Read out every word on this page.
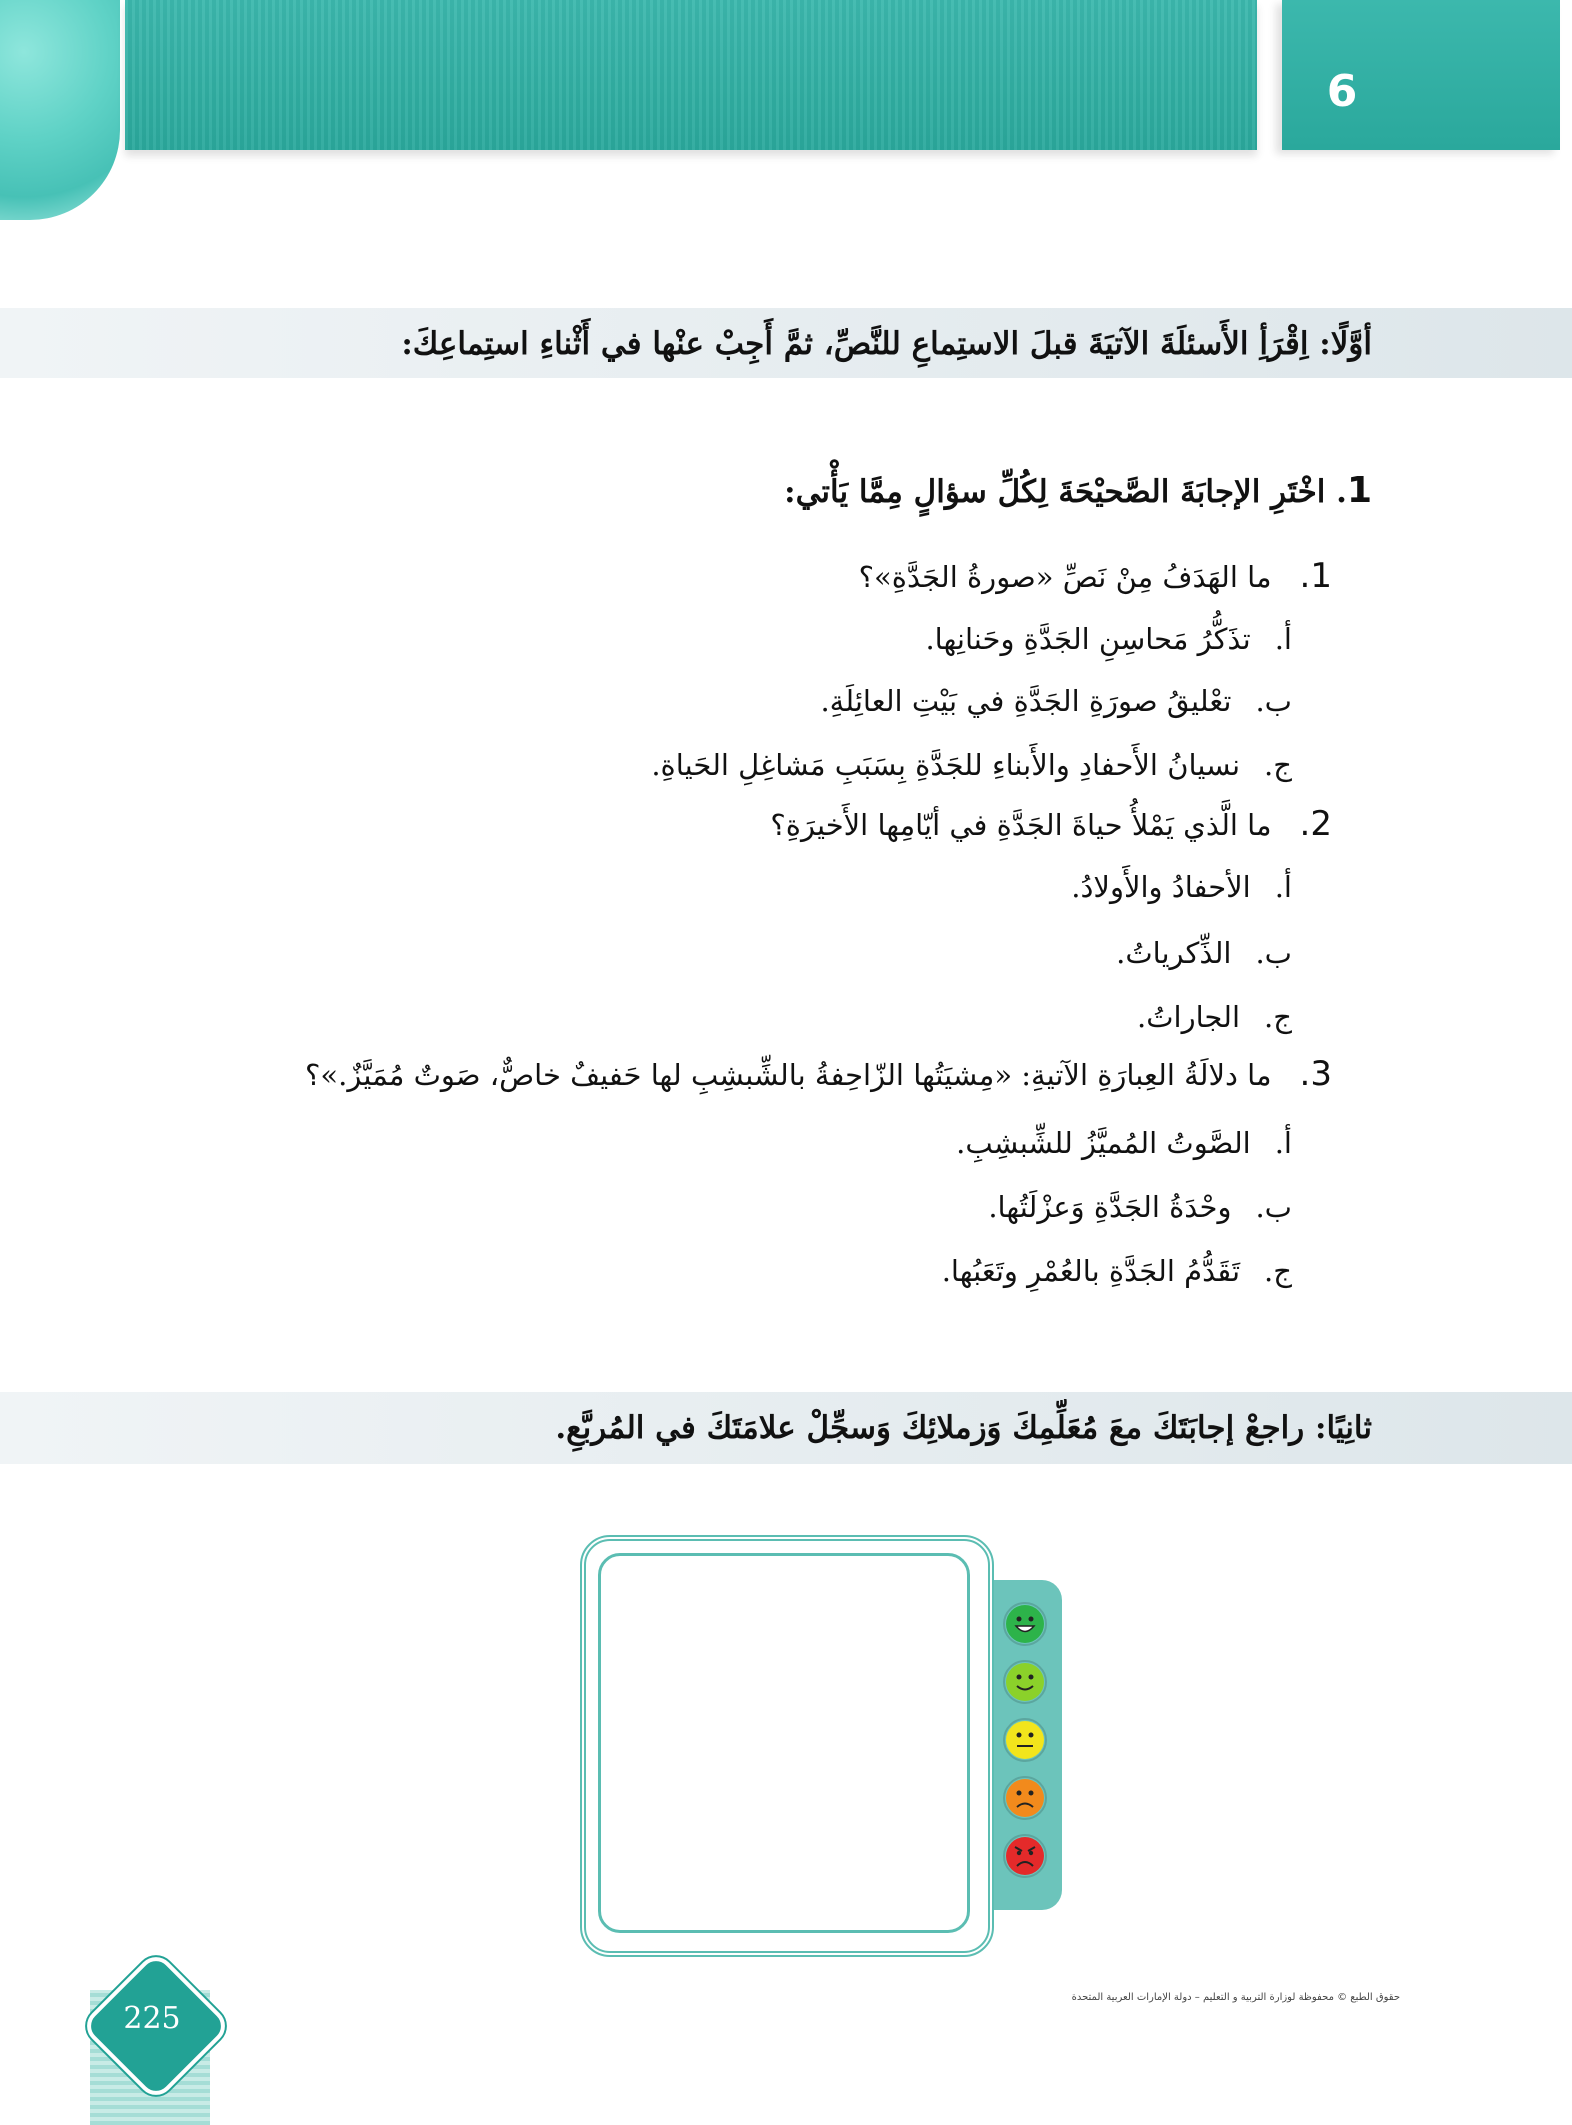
6
أوَّلًا: اِقْرَأِ الأَسئلَةَ الآتيَةَ قبلَ الاستِماعِ للنَّصِّ، ثمَّ أَجِبْ عنْها في أَثْناءِ استِماعِكَ:
1. اخْتَرِ الإجابَةَ الصَّحيْحَةَ لِكُلِّ سؤالٍ مِمَّا يَأْتي:
1.ما الهَدَفُ مِنْ نَصِّ «صورةُ الجَدَّةِ»؟
أ.تذَكُّرُ مَحاسِنِ الجَدَّةِ وحَنانِها.
ب.تعْليقُ صورَةِ الجَدَّةِ في بَيْتِ العائِلَةِ.
ج.نسيانُ الأَحفادِ والأَبناءِ للجَدَّةِ بِسَبَبِ مَشاغِلِ الحَياةِ.
2.ما الَّذي يَمْلأُ حياةَ الجَدَّةِ في أيّامِها الأَخيرَةِ؟
أ.الأحفادُ والأَولادُ.
ب.الذِّكرياتُ.
ج.الجاراتُ.
3.ما دلالَةُ العِبارَةِ الآتيةِ: «مِشيَتُها الزّاحِفةُ بالشِّبشِبِ لها حَفيفٌ خاصٌّ، صَوتٌ مُمَيَّزٌ.»؟
أ.الصَّوتُ المُميَّزُ للشِّبشِبِ.
ب.وحْدَةُ الجَدَّةِ وَعزْلَتُها.
ج.تَقَدُّمُ الجَدَّةِ بالعُمْرِ وتَعَبُها.
ثانِيًا: راجعْ إجابَتَكَ معَ مُعَلِّمِكَ وَزملائِكَ وَسجِّلْ علامَتَكَ في المُربَّعِ.
225
حقوق الطبع © محفوظة لوزارة التربية و التعليم – دولة الإمارات العربية المتحدة
